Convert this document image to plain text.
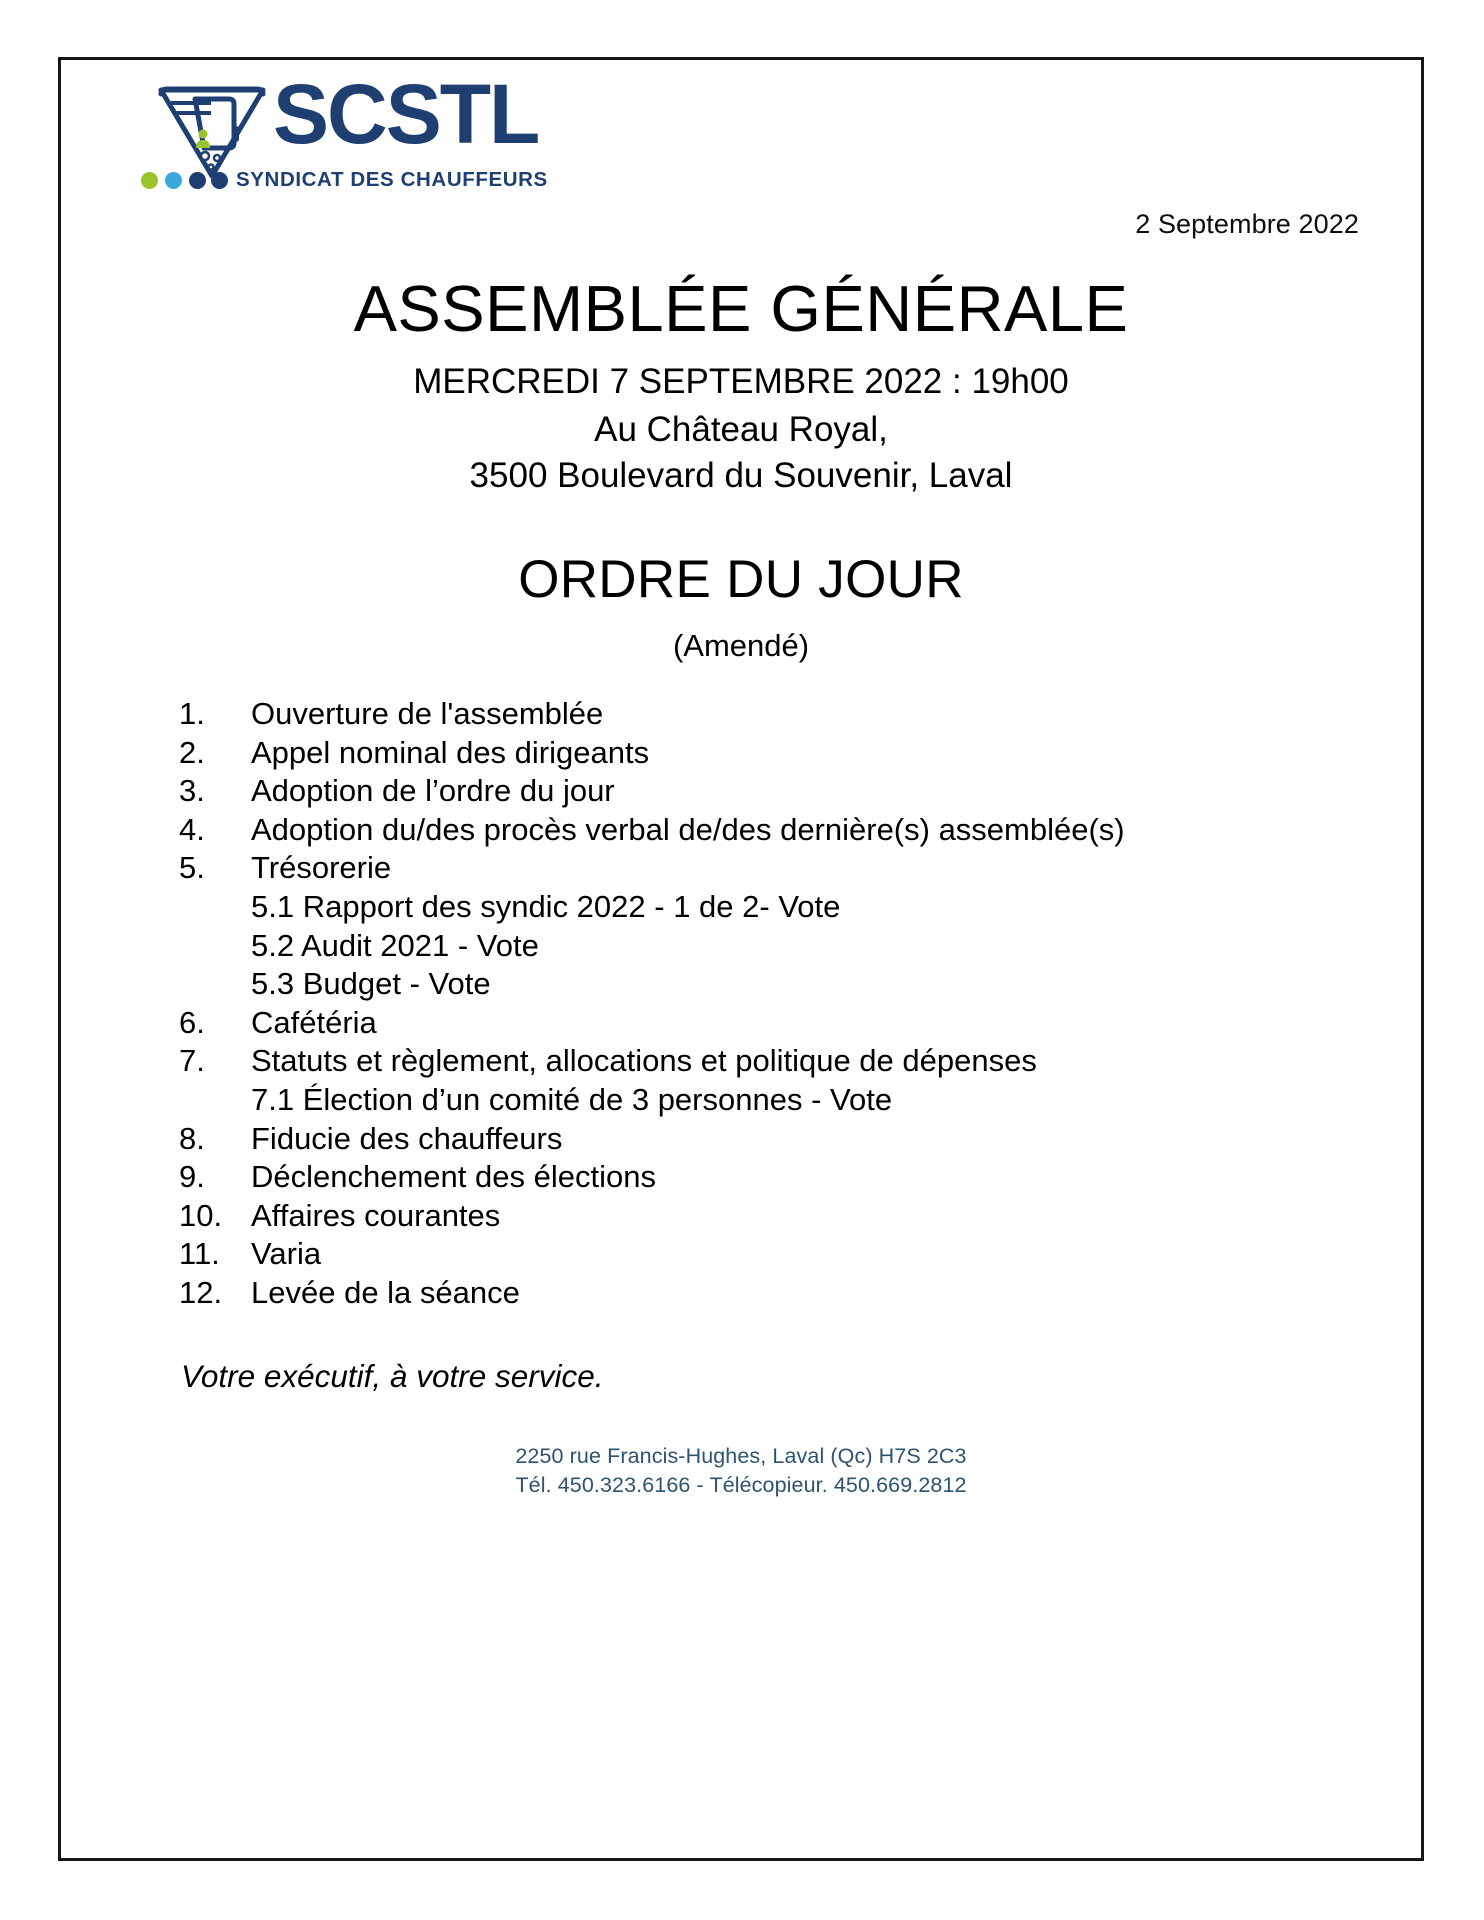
SCSTL
SYNDICAT DES CHAUFFEURS
2 Septembre 2022
ASSEMBLÉE GÉNÉRALE
MERCREDI 7 SEPTEMBRE 2022 : 19h00
Au Château Royal,
3500 Boulevard du Souvenir, Laval
ORDRE DU JOUR
(Amendé)
1.	Ouverture de l'assemblée
2.	Appel nominal des dirigeants
3.	Adoption de l’ordre du jour
4.	Adoption du/des procès verbal de/des dernière(s) assemblée(s)
5.	Trésorerie
5.1 Rapport des syndic 2022 - 1 de 2- Vote
5.2 Audit 2021 - Vote
5.3 Budget - Vote
6.	Cafétéria
7.	Statuts et règlement, allocations et politique de dépenses
7.1 Élection d’un comité de 3 personnes - Vote
8.	Fiducie des chauffeurs
9.	Déclenchement des élections
10. Affaires courantes
11.	Varia
12. Levée de la séance
Votre exécutif, à votre service.
2250 rue Francis-Hughes, Laval (Qc) H7S 2C3
Tél. 450.323.6166 - Télécopieur. 450.669.2812
